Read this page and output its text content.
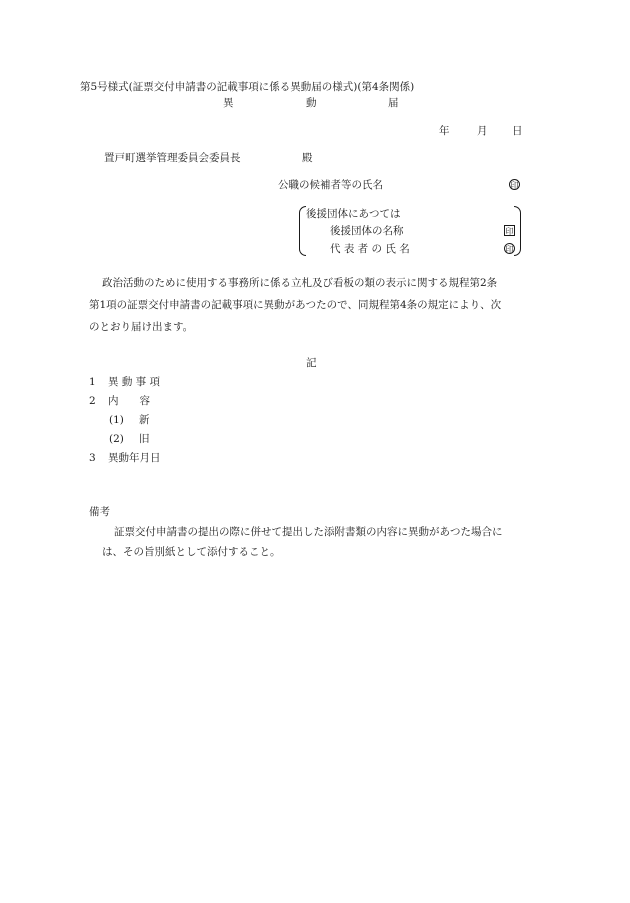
第5号様式(証票交付申請書の記載事項に係る異動届の様式)(第4条関係)
異	動	届
年	月 日
置戸町選挙管理委員会委員長	殿
公職の候補者等の氏名	印
後援団体にあつては
後援団体の名称	印
代 表 者 の 氏 名	印
政治活動のために使用する事務所に係る立札及び看板の類の表示に関する規程第2条
第1項の証票交付申請書の記載事項に異動があつたので、同規程第4条の規定により、次
のとおり届け出ます。
記
1 異 動 事 項
2 内　　容
(1) 新
(2) 旧
3 異動年月日
備考
証票交付申請書の提出の際に併せて提出した添附書類の内容に異動があつた場合に
は、その旨別紙として添付すること。
